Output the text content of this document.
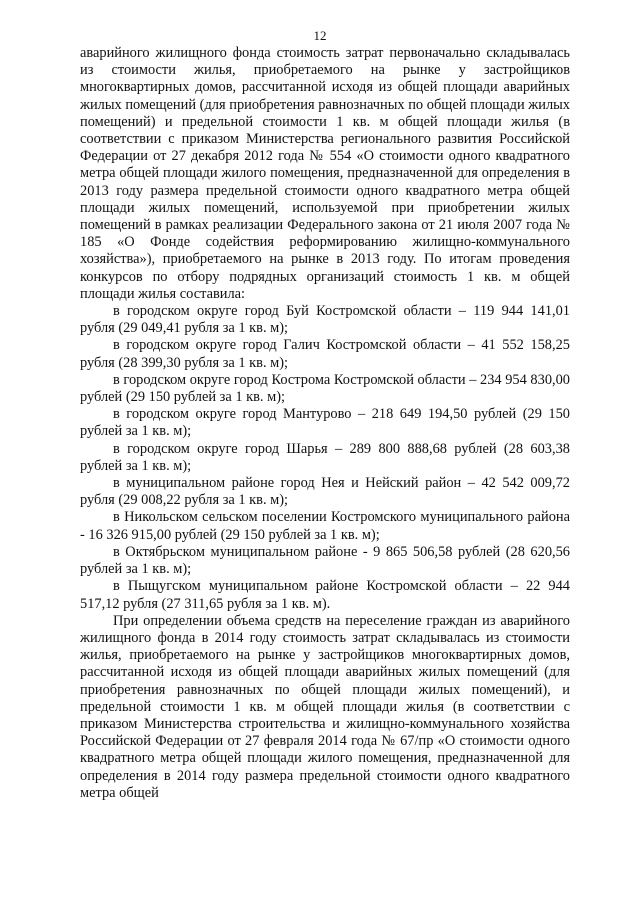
12

аварийного жилищного фонда стоимость затрат первоначально складывалась из стоимости жилья, приобретаемого на рынке у застройщиков многоквартирных домов, рассчитанной исходя из общей площади аварийных жилых помещений (для приобретения равнозначных по общей площади жилых помещений) и предельной стоимости 1 кв. м общей площади жилья (в соответствии с приказом Министерства регионального развития Российской Федерации от 27 декабря 2012 года № 554 «О стоимости одного квадратного метра общей площади жилого помещения, предназначенной для определения в 2013 году размера предельной стоимости одного квадратного метра общей площади жилых помещений, используемой при приобретении жилых помещений в рамках реализации Федерального закона от 21 июля 2007 года № 185 «О Фонде содействия реформированию жилищно-коммунального хозяйства»), приобретаемого на рынке в 2013 году. По итогам проведения конкурсов по отбору подрядных организаций стоимость 1 кв. м общей площади жилья составила:

в городском округе город Буй Костромской области – 119 944 141,01 рубля (29 049,41 рубля за 1 кв. м);

в городском округе город Галич Костромской области – 41 552 158,25 рубля (28 399,30 рубля за 1 кв. м);

в городском округе город Кострома Костромской области – 234 954 830,00 рублей (29 150 рублей за 1 кв. м);

в городском округе город Мантурово – 218 649 194,50 рублей (29 150 рублей за 1 кв. м);

в городском округе город Шарья – 289 800 888,68 рублей (28 603,38 рублей за 1 кв. м);

в муниципальном районе город Нея и Нейский район – 42 542 009,72 рубля (29 008,22 рубля за 1 кв. м);

в Никольском сельском поселении Костромского муниципального района - 16 326 915,00 рублей (29 150 рублей за 1 кв. м);

в Октябрьском муниципальном районе - 9 865 506,58 рублей (28 620,56 рублей за 1 кв. м);

в Пыщугском муниципальном районе Костромской области – 22 944 517,12 рубля (27 311,65 рубля за 1 кв. м).

При определении объема средств на переселение граждан из аварийного жилищного фонда в 2014 году стоимость затрат складывалась из стоимости жилья, приобретаемого на рынке у застройщиков многоквартирных домов, рассчитанной исходя из общей площади аварийных жилых помещений (для приобретения равнозначных по общей площади жилых помещений), и предельной стоимости 1 кв. м общей площади жилья (в соответствии с приказом Министерства строительства и жилищно-коммунального хозяйства Российской Федерации от 27 февраля 2014 года № 67/пр «О стоимости одного квадратного метра общей площади жилого помещения, предназначенной для определения в 2014 году размера предельной стоимости одного квадратного метра общей
